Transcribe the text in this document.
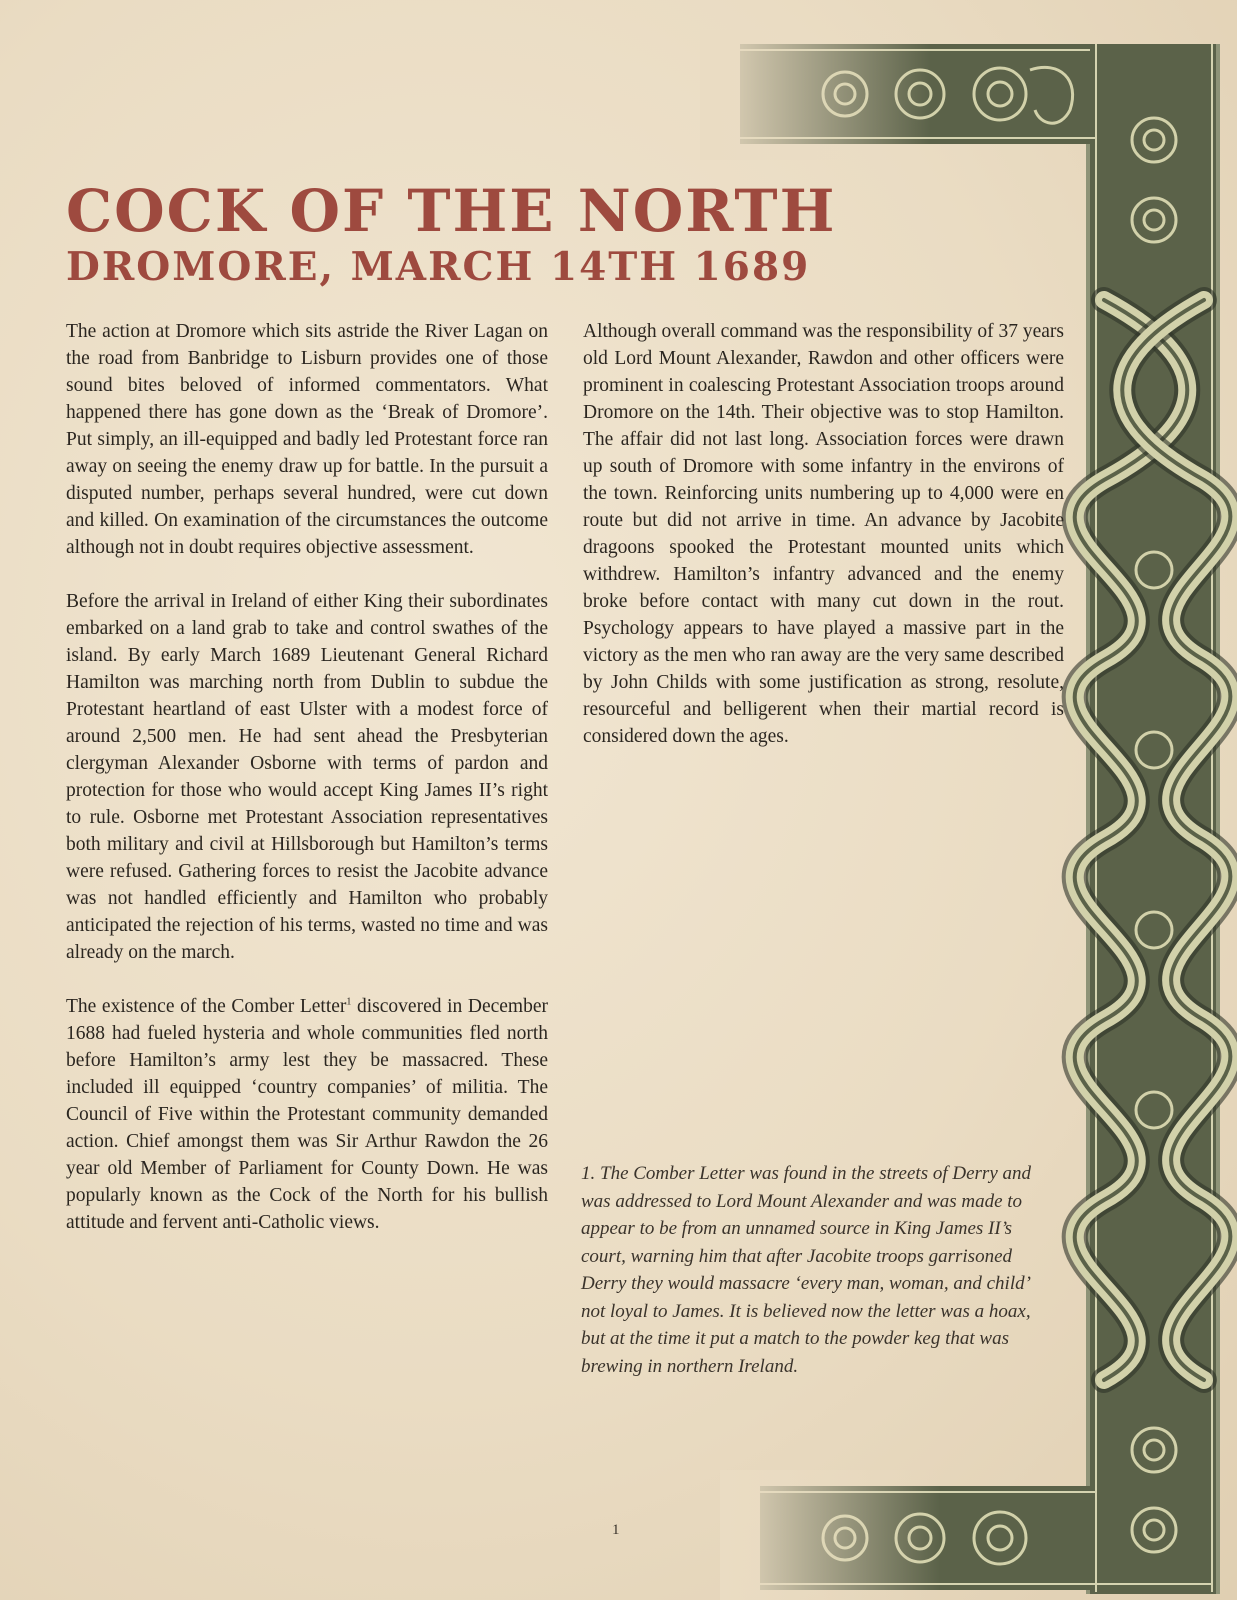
COCK OF THE NORTH
DROMORE, MARCH 14TH 1689

The action at Dromore which sits astride the River Lagan on the road from Banbridge to Lisburn provides one of those sound bites beloved of informed commentators. What happened there has gone down as the ‘Break of Dromore’. Put simply, an ill-equipped and badly led Protestant force ran away on seeing the enemy draw up for battle. In the pursuit a disputed number, perhaps several hundred, were cut down and killed. On examination of the circumstances the outcome although not in doubt requires objective assessment.

Before the arrival in Ireland of either King their subordinates embarked on a land grab to take and control swathes of the island. By early March 1689 Lieutenant General Richard Hamilton was marching north from Dublin to subdue the Protestant heartland of east Ulster with a modest force of around 2,500 men. He had sent ahead the Presbyterian clergyman Alexander Osborne with terms of pardon and protection for those who would accept King James II’s right to rule. Osborne met Protestant Association representatives both military and civil at Hillsborough but Hamilton’s terms were refused. Gathering forces to resist the Jacobite advance was not handled efficiently and Hamilton who probably anticipated the rejection of his terms, wasted no time and was already on the march.

The existence of the Comber Letter$^1$ discovered in December 1688 had fueled hysteria and whole communities fled north before Hamilton’s army lest they be massacred. These included ill equipped ‘country companies’ of militia. The Council of Five within the Protestant community demanded action. Chief amongst them was Sir Arthur Rawdon the 26 year old Member of Parliament for County Down. He was popularly known as the Cock of the North for his bullish attitude and fervent anti-Catholic views.

Although overall command was the responsibility of 37 years old Lord Mount Alexander, Rawdon and other officers were prominent in coalescing Protestant Association troops around Dromore on the 14th. Their objective was to stop Hamilton. The affair did not last long. Association forces were drawn up south of Dromore with some infantry in the environs of the town. Reinforcing units numbering up to 4,000 were en route but did not arrive in time. An advance by Jacobite dragoons spooked the Protestant mounted units which withdrew. Hamilton’s infantry advanced and the enemy broke before contact with many cut down in the rout. Psychology appears to have played a massive part in the victory as the men who ran away are the very same described by John Childs with some justification as strong, resolute, resourceful and belligerent when their martial record is considered down the ages.

1. The Comber Letter was found in the streets of Derry and was addressed to Lord Mount Alexander and was made to appear to be from an unnamed source in King James II’s court, warning him that after Jacobite troops garrisoned Derry they would massacre ‘every man, woman, and child’ not loyal to James. It is believed now the letter was a hoax, but at the time it put a match to the powder keg that was brewing in northern Ireland.
1
